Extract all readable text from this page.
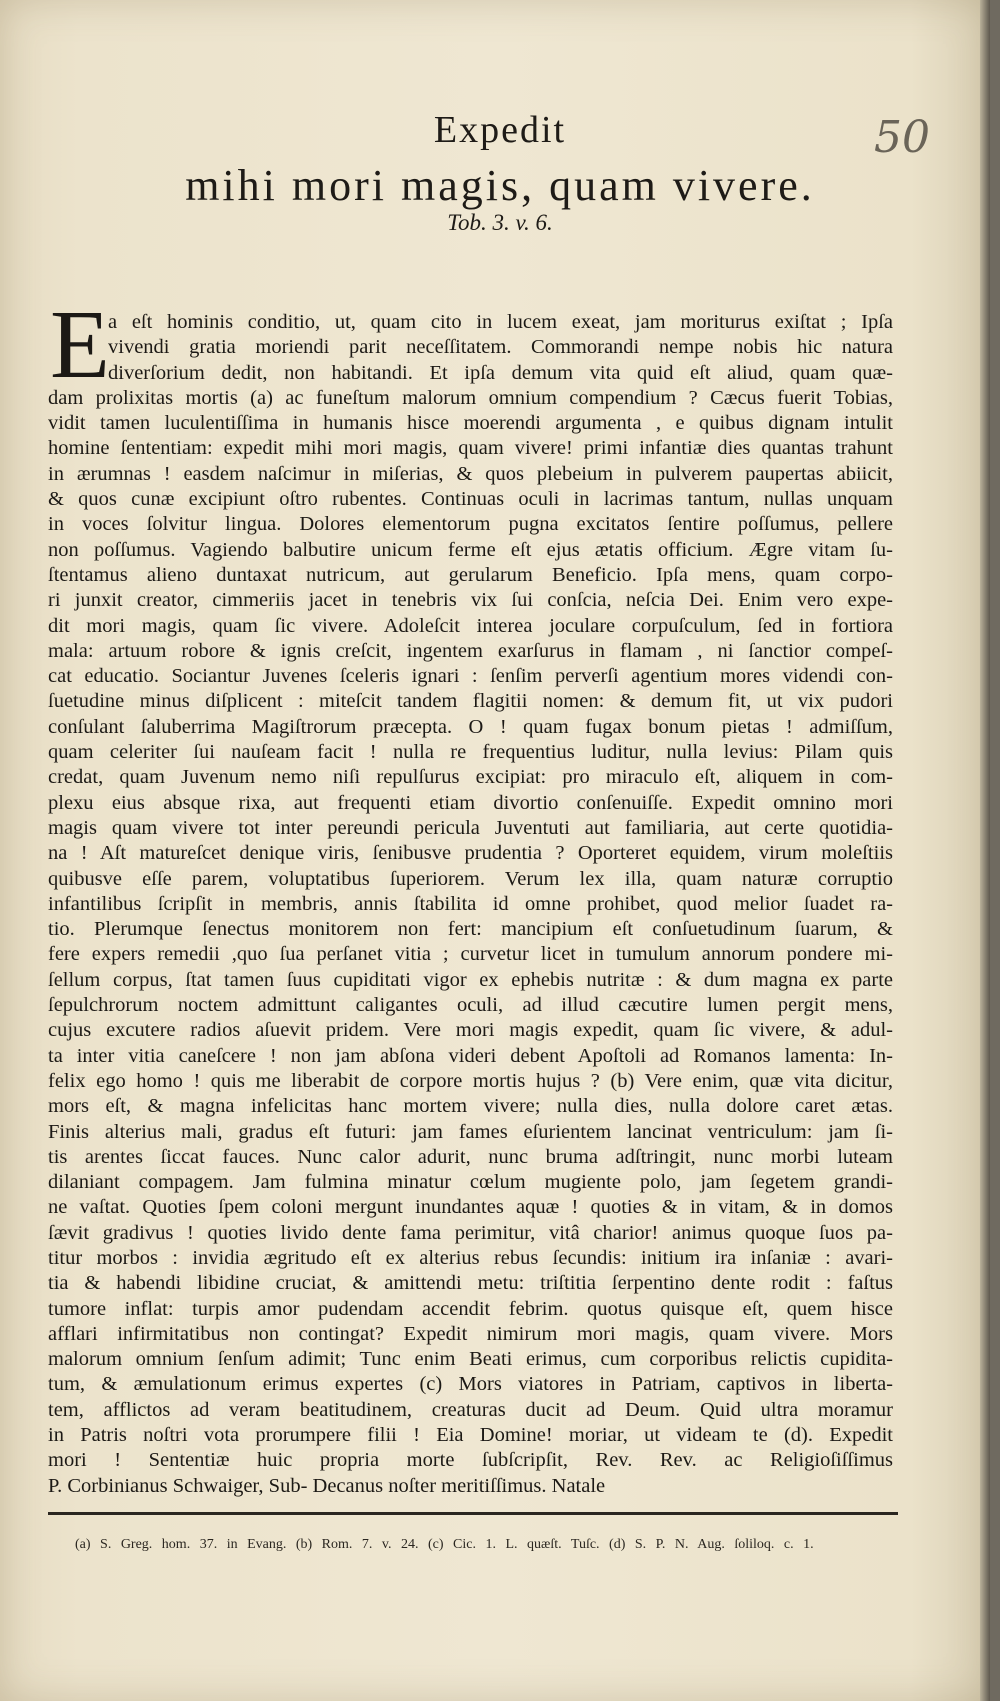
50
Expedit
mihi mori magis, quam vivere.
Tob. 3. v. 6.
E
a eſt hominis conditio, ut, quam cito in lucem exeat, jam moriturus exiſtat ; Ipſa
vivendi gratia moriendi parit neceſſitatem. Commorandi nempe nobis hic natura
diverſorium dedit, non habitandi. Et ipſa demum vita quid eſt aliud, quam quæ-
dam prolixitas mortis (a) ac funeſtum malorum omnium compendium ? Cæcus fuerit Tobias,
vidit tamen luculentiſſima in humanis hisce moerendi argumenta , e quibus dignam intulit
homine ſententiam: expedit mihi mori magis, quam vivere! primi infantiæ dies quantas trahunt
in ærumnas ! easdem naſcimur in miſerias, & quos plebeium in pulverem paupertas abiicit,
& quos cunæ excipiunt oſtro rubentes. Continuas oculi in lacrimas tantum, nullas unquam
in voces ſolvitur lingua. Dolores elementorum pugna excitatos ſentire poſſumus, pellere
non poſſumus. Vagiendo balbutire unicum ferme eſt ejus ætatis officium. Ægre vitam ſu-
ſtentamus alieno duntaxat nutricum, aut gerularum Beneficio. Ipſa mens, quam corpo-
ri junxit creator, cimmeriis jacet in tenebris vix ſui conſcia, neſcia Dei. Enim vero expe-
dit mori magis, quam ſic vivere. Adoleſcit interea joculare corpuſculum, ſed in fortiora
mala: artuum robore & ignis creſcit, ingentem exarſurus in flamam , ni ſanctior compeſ-
cat educatio. Sociantur Juvenes ſceleris ignari : ſenſim perverſi agentium mores videndi con-
ſuetudine minus diſplicent : miteſcit tandem flagitii nomen: & demum fit, ut vix pudori
conſulant ſaluberrima Magiſtrorum præcepta. O ! quam fugax bonum pietas ! admiſſum,
quam celeriter ſui nauſeam facit ! nulla re frequentius luditur, nulla levius: Pilam quis
credat, quam Juvenum nemo niſi repulſurus excipiat: pro miraculo eſt, aliquem in com-
plexu eius absque rixa, aut frequenti etiam divortio conſenuiſſe. Expedit omnino mori
magis quam vivere tot inter pereundi pericula Juventuti aut familiaria, aut certe quotidia-
na ! Aſt matureſcet denique viris, ſenibusve prudentia ? Oporteret equidem, virum moleſtiis
quibusve eſſe parem, voluptatibus ſuperiorem. Verum lex illa, quam naturæ corruptio
infantilibus ſcripſit in membris, annis ſtabilita id omne prohibet, quod melior ſuadet ra-
tio. Plerumque ſenectus monitorem non fert: mancipium eſt conſuetudinum ſuarum, &
fere expers remedii ,quo ſua perſanet vitia ; curvetur licet in tumulum annorum pondere mi-
ſellum corpus, ſtat tamen ſuus cupiditati vigor ex ephebis nutritæ : & dum magna ex parte
ſepulchrorum noctem admittunt caligantes oculi, ad illud cæcutire lumen pergit mens,
cujus excutere radios aſuevit pridem. Vere mori magis expedit, quam ſic vivere, & adul-
ta inter vitia caneſcere ! non jam abſona videri debent Apoſtoli ad Romanos lamenta: In-
felix ego homo ! quis me liberabit de corpore mortis hujus ? (b) Vere enim, quæ vita dicitur,
mors eſt, & magna infelicitas hanc mortem vivere; nulla dies, nulla dolore caret ætas.
Finis alterius mali, gradus eſt futuri: jam fames eſurientem lancinat ventriculum: jam ſi-
tis arentes ſiccat fauces. Nunc calor adurit, nunc bruma adſtringit, nunc morbi luteam
dilaniant compagem. Jam fulmina minatur cœlum mugiente polo, jam ſegetem grandi-
ne vaſtat. Quoties ſpem coloni mergunt inundantes aquæ ! quoties & in vitam, & in domos
ſævit gradivus ! quoties livido dente fama perimitur, vitâ charior! animus quoque ſuos pa-
titur morbos : invidia ægritudo eſt ex alterius rebus ſecundis: initium ira inſaniæ : avari-
tia & habendi libidine cruciat, & amittendi metu: triſtitia ſerpentino dente rodit : faſtus
tumore inflat: turpis amor pudendam accendit febrim. quotus quisque eſt, quem hisce
afflari infirmitatibus non contingat? Expedit nimirum mori magis, quam vivere. Mors
malorum omnium ſenſum adimit; Tunc enim Beati erimus, cum corporibus relictis cupidita-
tum, & æmulationum erimus expertes (c) Mors viatores in Patriam, captivos in liberta-
tem, afflictos ad veram beatitudinem, creaturas ducit ad Deum. Quid ultra moramur
in Patris noſtri vota prorumpere filii ! Eia Domine! moriar, ut videam te (d). Expedit
mori ! Sententiæ huic propria morte ſubſcripſit, Rev. Rev. ac Religioſiſſimus
P. Corbinianus Schwaiger, Sub- Decanus noſter meritiſſimus. Natale
(a) S. Greg. hom. 37. in Evang. (b) Rom. 7. v. 24. (c) Cic. 1. L. quæſt. Tuſc. (d) S. P. N. Aug. ſoliloq. c. 1.
